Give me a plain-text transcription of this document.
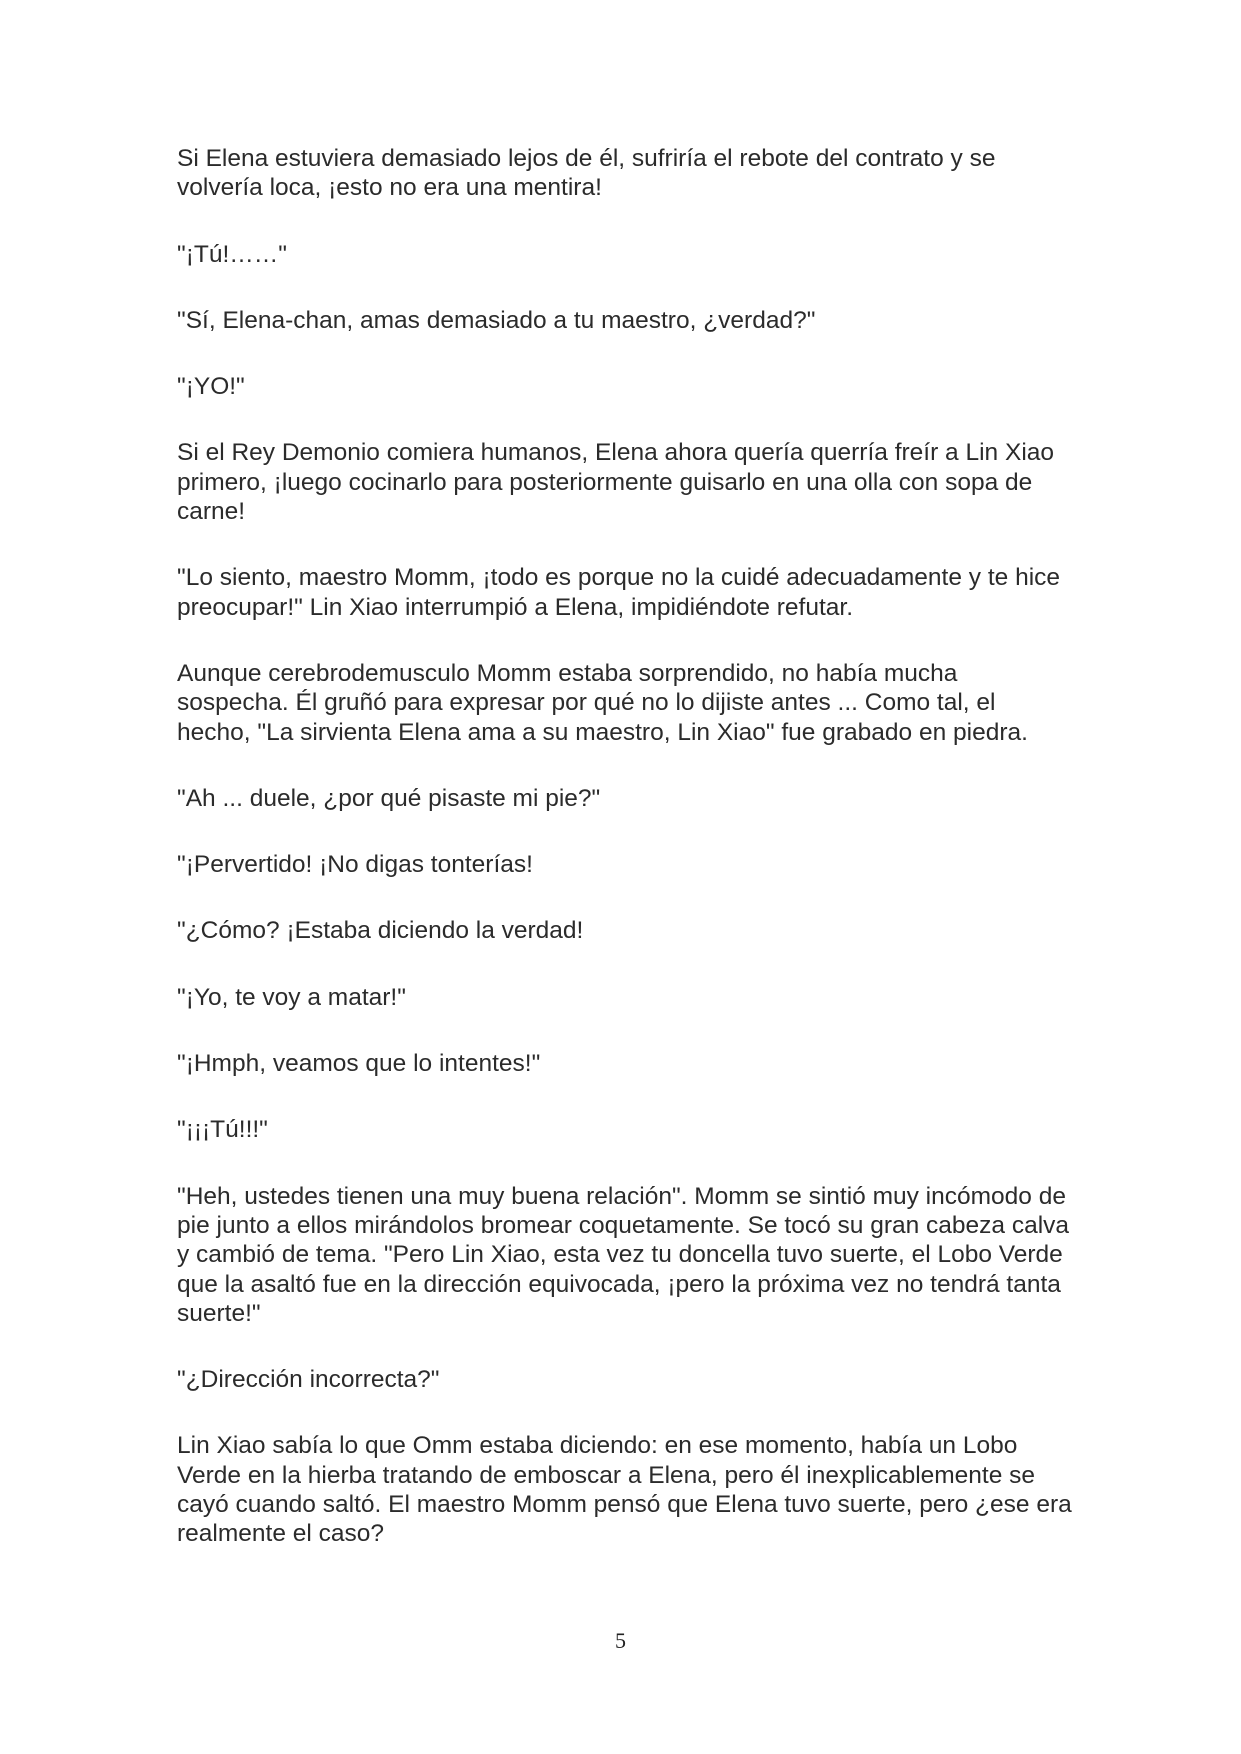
Si Elena estuviera demasiado lejos de él, sufriría el rebote del contrato y se volvería loca, ¡esto no era una mentira!

"¡Tú!……"

"Sí, Elena-chan, amas demasiado a tu maestro, ¿verdad?"

"¡YO!"

Si el Rey Demonio comiera humanos, Elena ahora quería querría freír a Lin Xiao primero, ¡luego cocinarlo para posteriormente guisarlo en una olla con sopa de carne!

"Lo siento, maestro Momm, ¡todo es porque no la cuidé adecuadamente y te hice preocupar!" Lin Xiao interrumpió a Elena, impidiéndote refutar.

Aunque cerebrodemusculo Momm estaba sorprendido, no había mucha sospecha. Él gruñó para expresar por qué no lo dijiste antes ... Como tal, el hecho, "La sirvienta Elena ama a su maestro, Lin Xiao" fue grabado en piedra.

"Ah ... duele, ¿por qué pisaste mi pie?"

"¡Pervertido! ¡No digas tonterías!

"¿Cómo? ¡Estaba diciendo la verdad!

"¡Yo, te voy a matar!"

"¡Hmph, veamos que lo intentes!"

"¡¡¡Tú!!!"

"Heh, ustedes tienen una muy buena relación". Momm se sintió muy incómodo de pie junto a ellos mirándolos bromear coquetamente. Se tocó su gran cabeza calva y cambió de tema. "Pero Lin Xiao, esta vez tu doncella tuvo suerte, el Lobo Verde que la asaltó fue en la dirección equivocada, ¡pero la próxima vez no tendrá tanta suerte!"

"¿Dirección incorrecta?"

Lin Xiao sabía lo que Omm estaba diciendo: en ese momento, había un Lobo Verde en la hierba tratando de emboscar a Elena, pero él inexplicablemente se cayó cuando saltó. El maestro Momm pensó que Elena tuvo suerte, pero ¿ese era realmente el caso?

5
